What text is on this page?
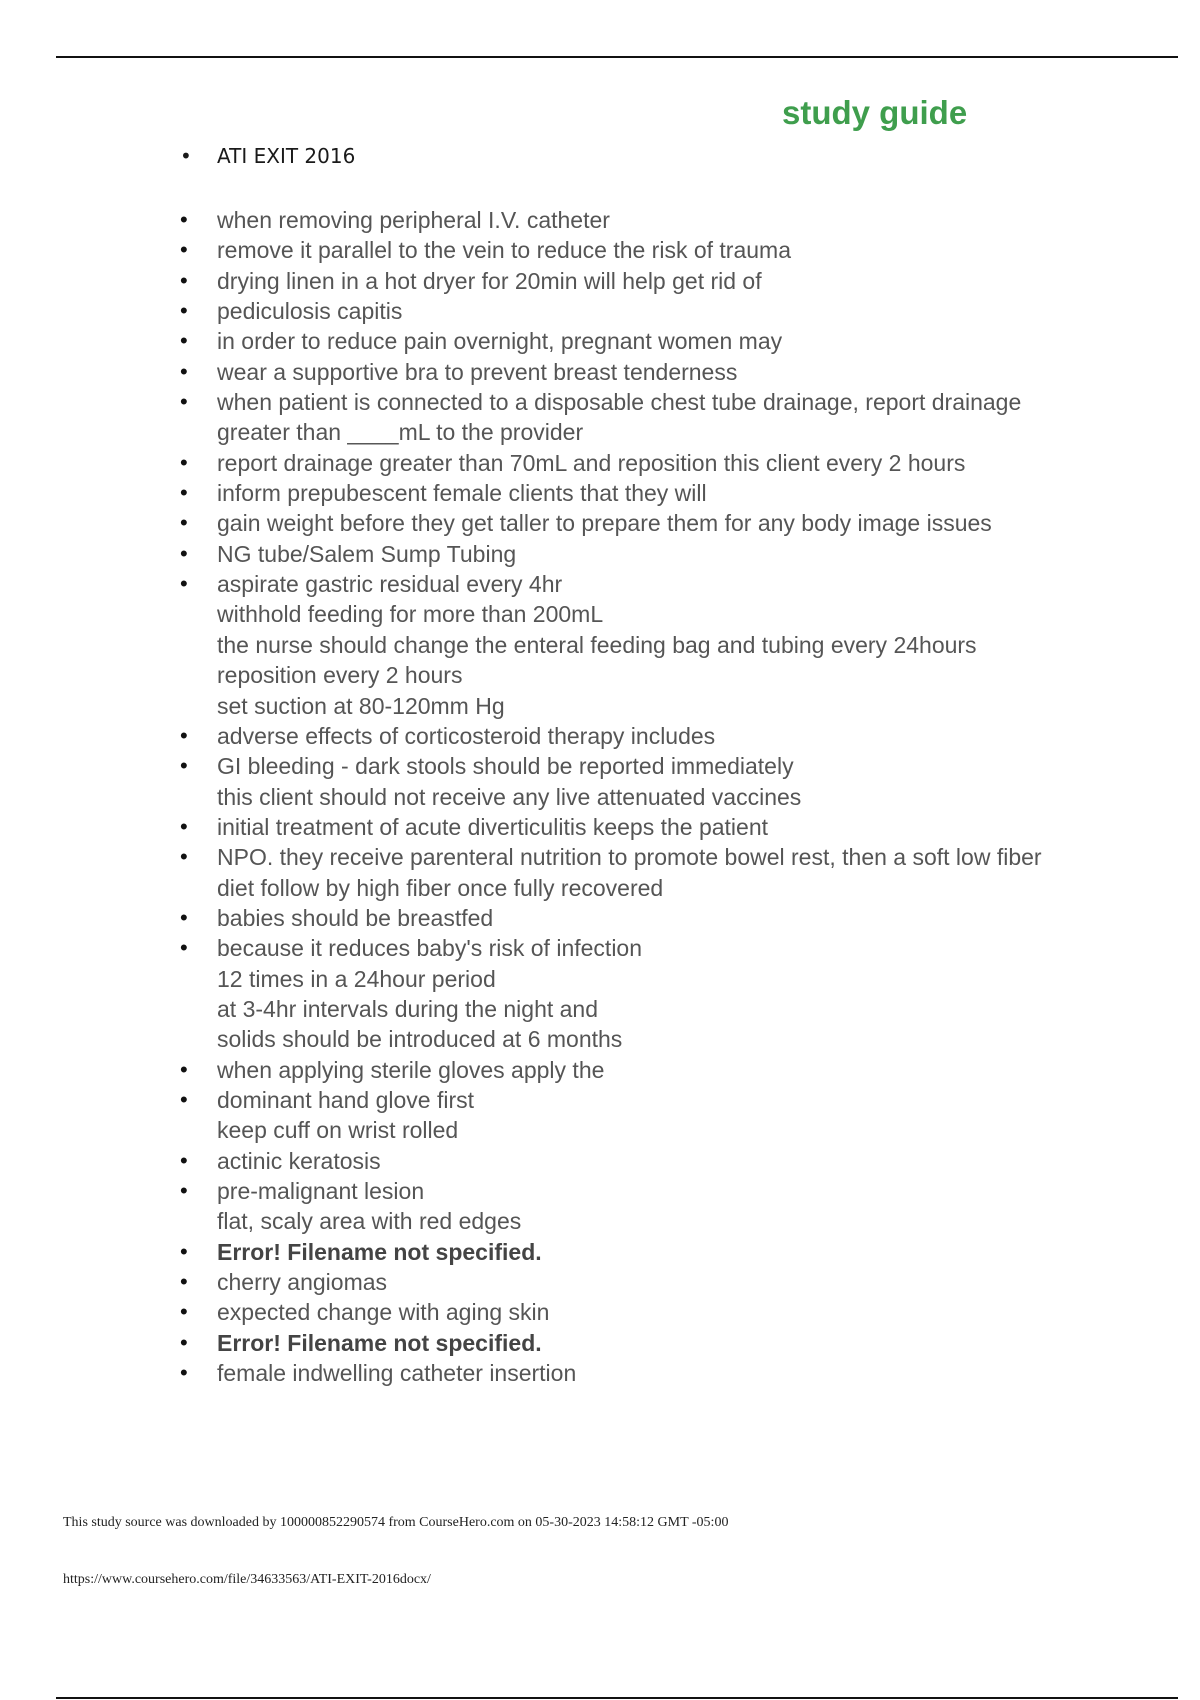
study guide
• ATI EXIT 2016
• when removing peripheral I.V. catheter
• remove it parallel to the vein to reduce the risk of trauma
• drying linen in a hot dryer for 20min will help get rid of
• pediculosis capitis
• in order to reduce pain overnight, pregnant women may
• wear a supportive bra to prevent breast tenderness
• when patient is connected to a disposable chest tube drainage, report drainage
greater than ____mL to the provider
• report drainage greater than 70mL and reposition this client every 2 hours
• inform prepubescent female clients that they will
• gain weight before they get taller to prepare them for any body image issues
• NG tube/Salem Sump Tubing
• aspirate gastric residual every 4hr
withhold feeding for more than 200mL
the nurse should change the enteral feeding bag and tubing every 24hours
reposition every 2 hours
set suction at 80-120mm Hg
• adverse effects of corticosteroid therapy includes
• GI bleeding - dark stools should be reported immediately
this client should not receive any live attenuated vaccines
• initial treatment of acute diverticulitis keeps the patient
• NPO. they receive parenteral nutrition to promote bowel rest, then a soft low fiber
diet follow by high fiber once fully recovered
• babies should be breastfed
• because it reduces baby's risk of infection
12 times in a 24hour period
at 3-4hr intervals during the night and
solids should be introduced at 6 months
• when applying sterile gloves apply the
• dominant hand glove first
keep cuff on wrist rolled
• actinic keratosis
• pre-malignant lesion
flat, scaly area with red edges
• Error! Filename not specified.
• cherry angiomas
• expected change with aging skin
• Error! Filename not specified.
• female indwelling catheter insertion
This study source was downloaded by 100000852290574 from CourseHero.com on 05-30-2023 14:58:12 GMT -05:00
https://www.coursehero.com/file/34633563/ATI-EXIT-2016docx/
